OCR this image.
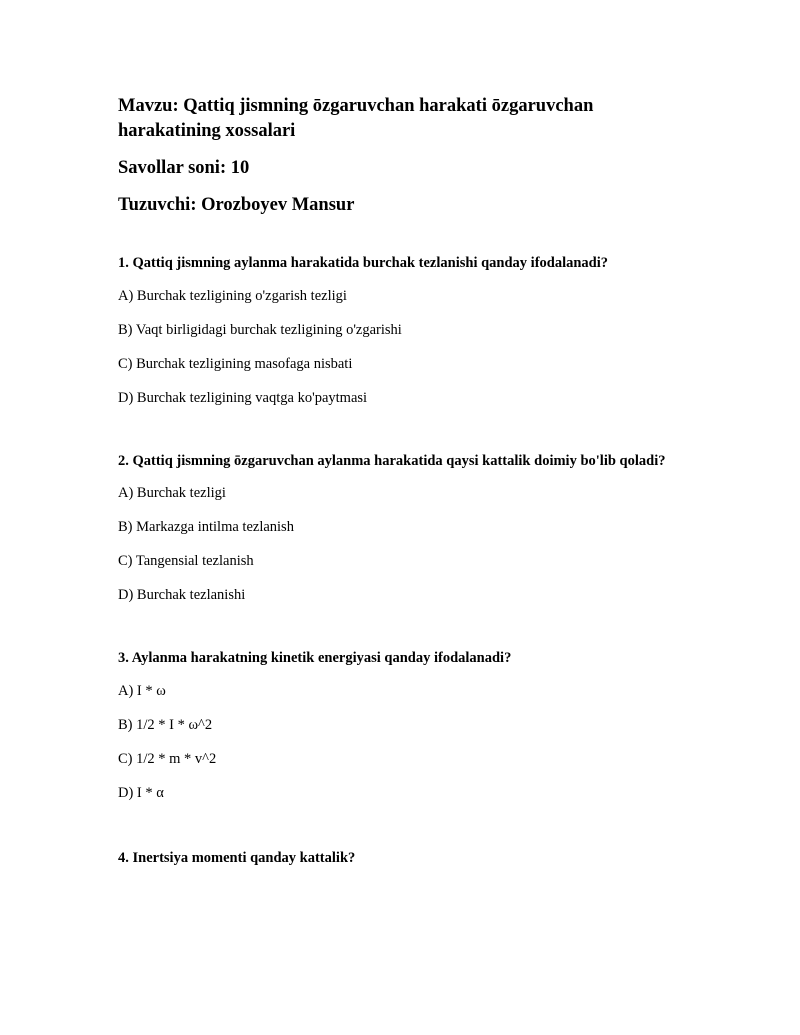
Mavzu: Qattiq jismning ōzgaruvchan harakati ōzgaruvchan harakatining xossalari

Savollar soni: 10

Tuzuvchi: Orozboyev Mansur

1. Qattiq jismning aylanma harakatida burchak tezlanishi qanday ifodalanadi?

A) Burchak tezligining o'zgarish tezligi

B) Vaqt birligidagi burchak tezligining o'zgarishi

C) Burchak tezligining masofaga nisbati

D) Burchak tezligining vaqtga ko'paytmasi

2. Qattiq jismning ōzgaruvchan aylanma harakatida qaysi kattalik doimiy bo'lib qoladi?

A) Burchak tezligi

B) Markazga intilma tezlanish

C) Tangensial tezlanish

D) Burchak tezlanishi

3. Aylanma harakatning kinetik energiyasi qanday ifodalanadi?

A) I * ω

B) 1/2 * I * ω^2

C) 1/2 * m * v^2

D) I * α

4. Inertsiya momenti qanday kattalik?
